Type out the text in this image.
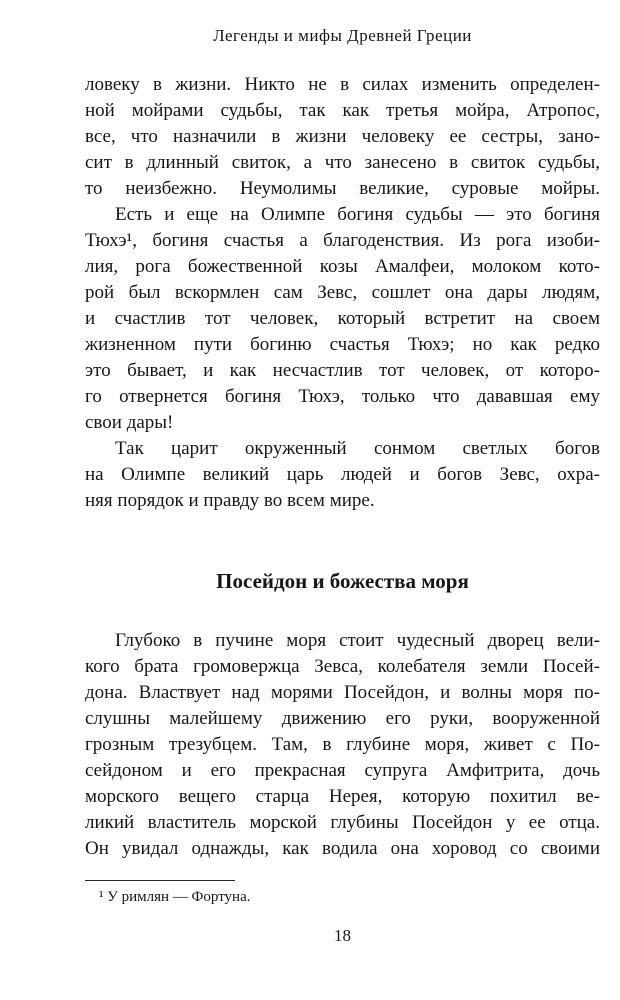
Легенды и мифы Древней Греции
ловеку в жизни. Никто не в силах изменить определен-
ной мойрами судьбы, так как третья мойра, Атропос,
все, что назначили в жизни человеку ее сестры, зано-
сит в длинный свиток, а что занесено в свиток судьбы,
то неизбежно. Неумолимы великие, суровые мойры.
Есть и еще на Олимпе богиня судьбы — это богиня
Тюхэ¹, богиня счастья а благоденствия. Из рога изоби-
лия, рога божественной козы Амалфеи, молоком кото-
рой был вскормлен сам Зевс, сошлет она дары людям,
и счастлив тот человек, который встретит на своем
жизненном пути богиню счастья Тюхэ; но как редко
это бывает, и как несчастлив тот человек, от которо-
го отвернется богиня Тюхэ, только что дававшая ему
свои дары!
Так царит окруженный сонмом светлых богов
на Олимпе великий царь людей и богов Зевс, охра-
няя порядок и правду во всем мире.
Посейдон и божества моря
Глубоко в пучине моря стоит чудесный дворец вели-
кого брата громовержца Зевса, колебателя земли Посей-
дона. Властвует над морями Посейдон, и волны моря по-
слушны малейшему движению его руки, вооруженной
грозным трезубцем. Там, в глубине моря, живет с По-
сейдоном и его прекрасная супруга Амфитрита, дочь
морского вещего старца Нерея, которую похитил ве-
ликий властитель морской глубины Посейдон у ее отца.
Он увидал однажды, как водила она хоровод со своими
¹ У римлян — Фортуна.
18
